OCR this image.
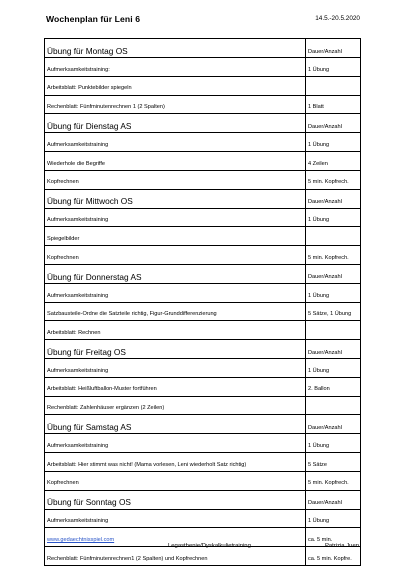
Wochenplan für Leni 6	14.5.-20.5.2020
Übung für Montag OS	Dauer/Anzahl
Aufmerksamkeitstraining:	1 Übung
Arbeitsblatt: Punktebilder spiegeln	
Rechenblatt: Fünfminutenrechnen 1 (2 Spalten)	1 Blatt
Übung für Dienstag AS	Dauer/Anzahl
Aufmerksamkeitstraining	1 Übung
Wiederhole die Begriffe	4 Zeilen
Kopfrechnen	5 min. Kopfrech.
Übung für Mittwoch OS	Dauer/Anzahl
Aufmerksamkeitstraining	1 Übung
Spiegelbilder	
Kopfrechnen	5 min. Kopfrech.
Übung für Donnerstag AS	Dauer/Anzahl
Aufmerksamkeitstraining	1 Übung
Satzbausteile-Ordne die Satzteile richtig, Figur-Grunddifferenzierung	5 Sätze, 1 Übung
Arbeitsblatt: Rechnen	
Übung für Freitag OS	Dauer/Anzahl
Aufmerksamkeitstraining	1 Übung
Arbeitsblatt: Heißluftballon-Muster fortführen	2. Ballon
Rechenblatt: Zahlenhäuser ergänzen (2 Zeilen)	
Übung für Samstag AS	Dauer/Anzahl
Aufmerksamkeitstraining	1 Übung
Arbeitsblatt: Hier stimmt was nicht! (Mama vorlesen, Leni wiederholt Satz richtig)	5 Sätze
Kopfrechnen	5 min. Kopfrech.
Übung für Sonntag OS	Dauer/Anzahl
Aufmerksamkeitstraining	1 Übung
www.gedaechtnisspiel.com	ca. 5 min.
Rechenblatt: Fünfminutenrechnen1 (2 Spalten) und Kopfrechnen	ca. 5 min. Kopfre.
Legasthenie/Dyskalkulietraining	Patrizia Juen
